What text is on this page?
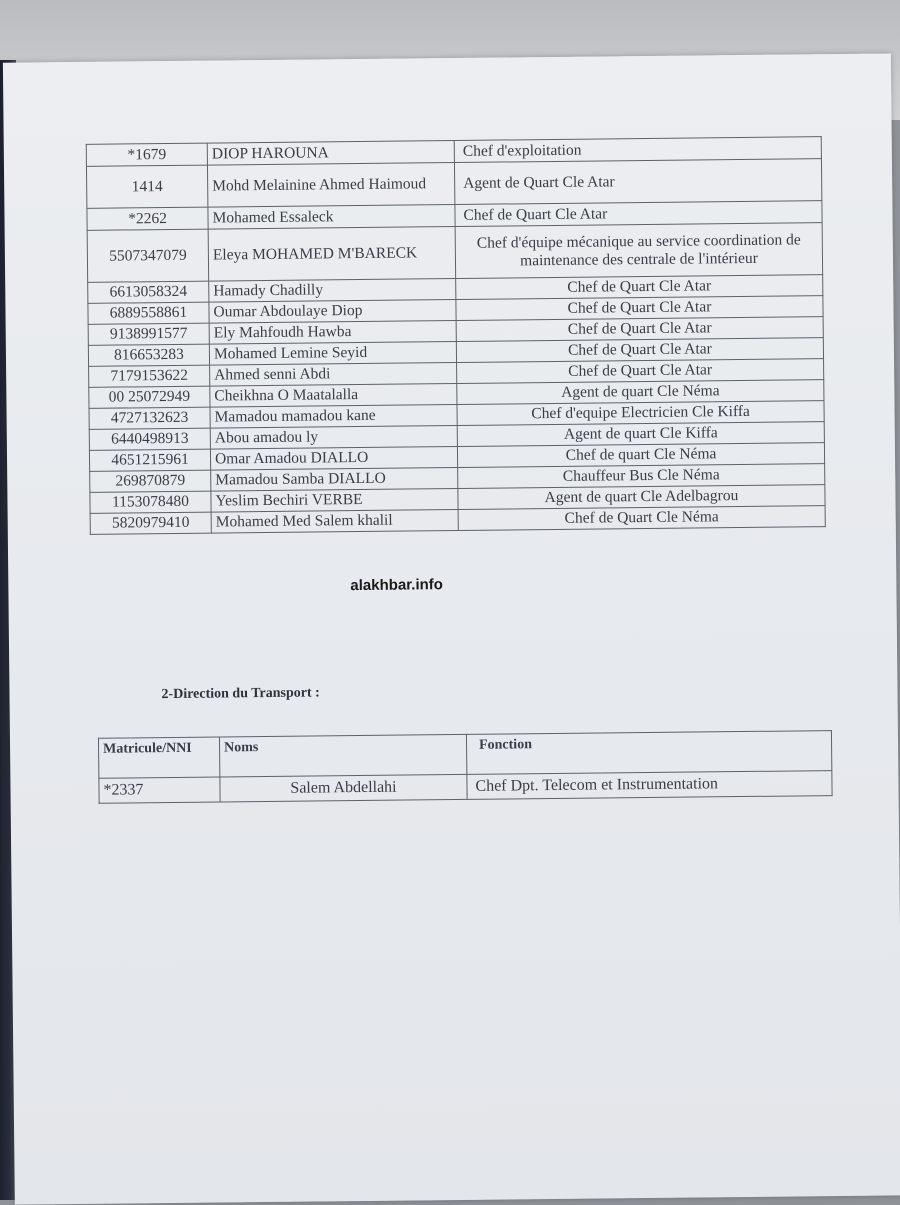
*1679	DIOP HAROUNA	Chef d'exploitation
1414	Mohd Melainine Ahmed Haimoud	Agent de Quart Cle Atar
*2262	Mohamed Essaleck	Chef de Quart Cle Atar
5507347079	Eleya MOHAMED M'BARECK	Chef d'équipe mécanique au service coordination de maintenance des centrale de l'intérieur
6613058324	Hamady Chadilly	Chef de Quart Cle Atar
6889558861	Oumar Abdoulaye Diop	Chef de Quart Cle Atar
9138991577	Ely Mahfoudh Hawba	Chef de Quart Cle Atar
816653283	Mohamed Lemine Seyid	Chef de Quart Cle Atar
7179153622	Ahmed senni Abdi	Chef de Quart Cle Atar
00 25072949	Cheikhna O Maatalalla	Agent de quart Cle Néma
4727132623	Mamadou mamadou kane	Chef d'equipe Electricien Cle Kiffa
6440498913	Abou amadou ly	Agent de quart Cle Kiffa
4651215961	Omar Amadou DIALLO	Chef de quart Cle Néma
269870879	Mamadou Samba DIALLO	Chauffeur Bus Cle Néma
1153078480	Yeslim Bechiri VERBE	Agent de quart Cle Adelbagrou
5820979410	Mohamed Med Salem khalil	Chef de Quart Cle Néma
alakhbar.info
2-Direction du Transport :
Matricule/NNI	Noms	Fonction
*2337	Salem Abdellahi	Chef Dpt. Telecom et Instrumentation
